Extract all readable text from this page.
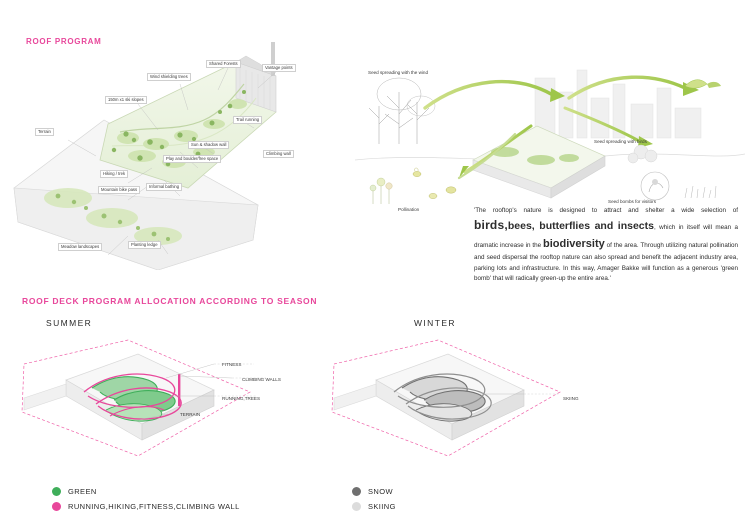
ROOF PROGRAM
Shared Forests
Vantage points
Wind shielding trees
150m x1 ski slopes
Trail running
Terrain
Sun & shadow wall
Play and boulder/free space
Climbing wall
Hiking / trek
Mountain bike pass
Informal bathing
Meadow landscapes	Planting ledge
Seed spreading with the wind
Seed spreading with birds
Seed bombs for visitors
Pollination	'The rooftop's nature is designed to attract and shelter a wide selection of birds,bees, butterflies and insects, which in itself will mean a dramatic increase in the biodiversity of the area. Through utilizing natural pollination and seed dispersal the rooftop nature can also spread and benefit the adjacent industry area, parking lots and infrastructure. In this way, Amager Bakke will function as a generous 'green bomb' that will radically green-up the entire area.'
ROOF DECK PROGRAM ALLOCATION ACCORDING TO SEASON
SUMMER	WINTER
FITNESS
CLIMBING WALLS
RUNNING,TREES
TERRAIN
SKIING
GREEN
RUNNING,HIKING,FITNESS,CLIMBING WALL
SNOW
SKIING
